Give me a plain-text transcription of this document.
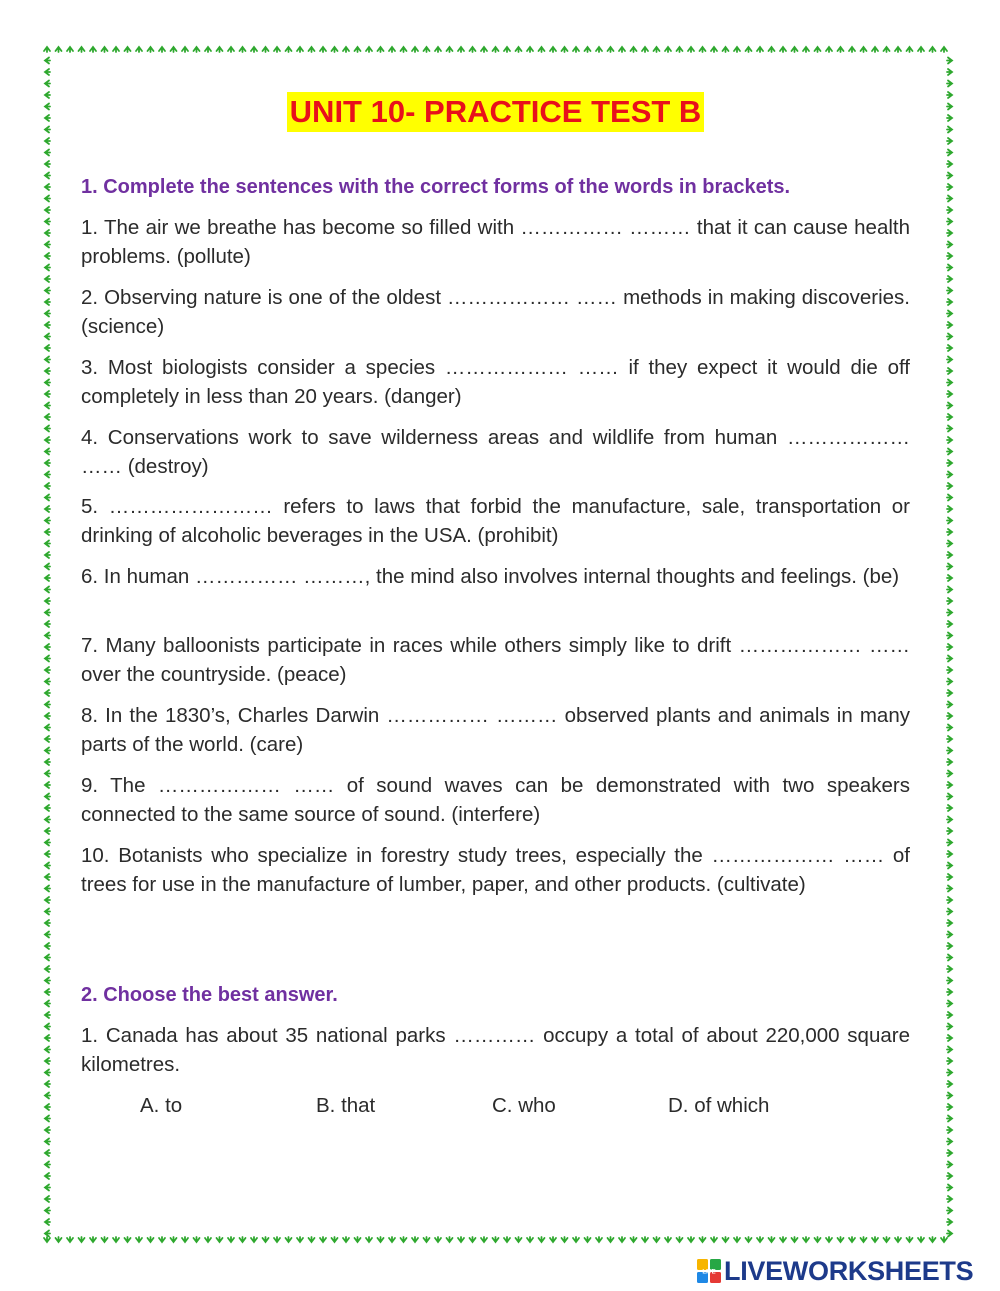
UNIT 10- PRACTICE TEST B
1. Complete the sentences with the correct forms of the words in brackets.
1. The air we breathe has become so filled with …………… ……… that it can cause health problems. (pollute)
2. Observing nature is one of the oldest ……………… …… methods in making discoveries. (science)
3. Most biologists consider a species ……………… …… if they expect it would die off completely in less than 20 years. (danger)
4. Conservations work to save wilderness areas and wildlife from human ……………… …… (destroy)
5. …………………… refers to laws that forbid the manufacture, sale, transportation or drinking of alcoholic beverages in the USA. (prohibit)
6. In human …………… ………, the mind also involves internal thoughts and feelings. (be)
7. Many balloonists participate in races while others simply like to drift ……………… …… over the countryside. (peace)
8. In the 1830’s, Charles Darwin …………… ……… observed plants and animals in many parts of the world. (care)
9. The ……………… …… of sound waves can be demonstrated with two speakers connected to the same source of sound. (interfere)
10. Botanists who specialize in forestry study trees, especially the ……………… …… of trees for use in the manufacture of lumber, paper, and other products. (cultivate)
2. Choose the best answer.
1. Canada has about 35 national parks ………… occupy a total of about 220,000 square kilometres.
A. to	B. that	C. who	D. of which
LIVE LIVEWORKSHEETS
